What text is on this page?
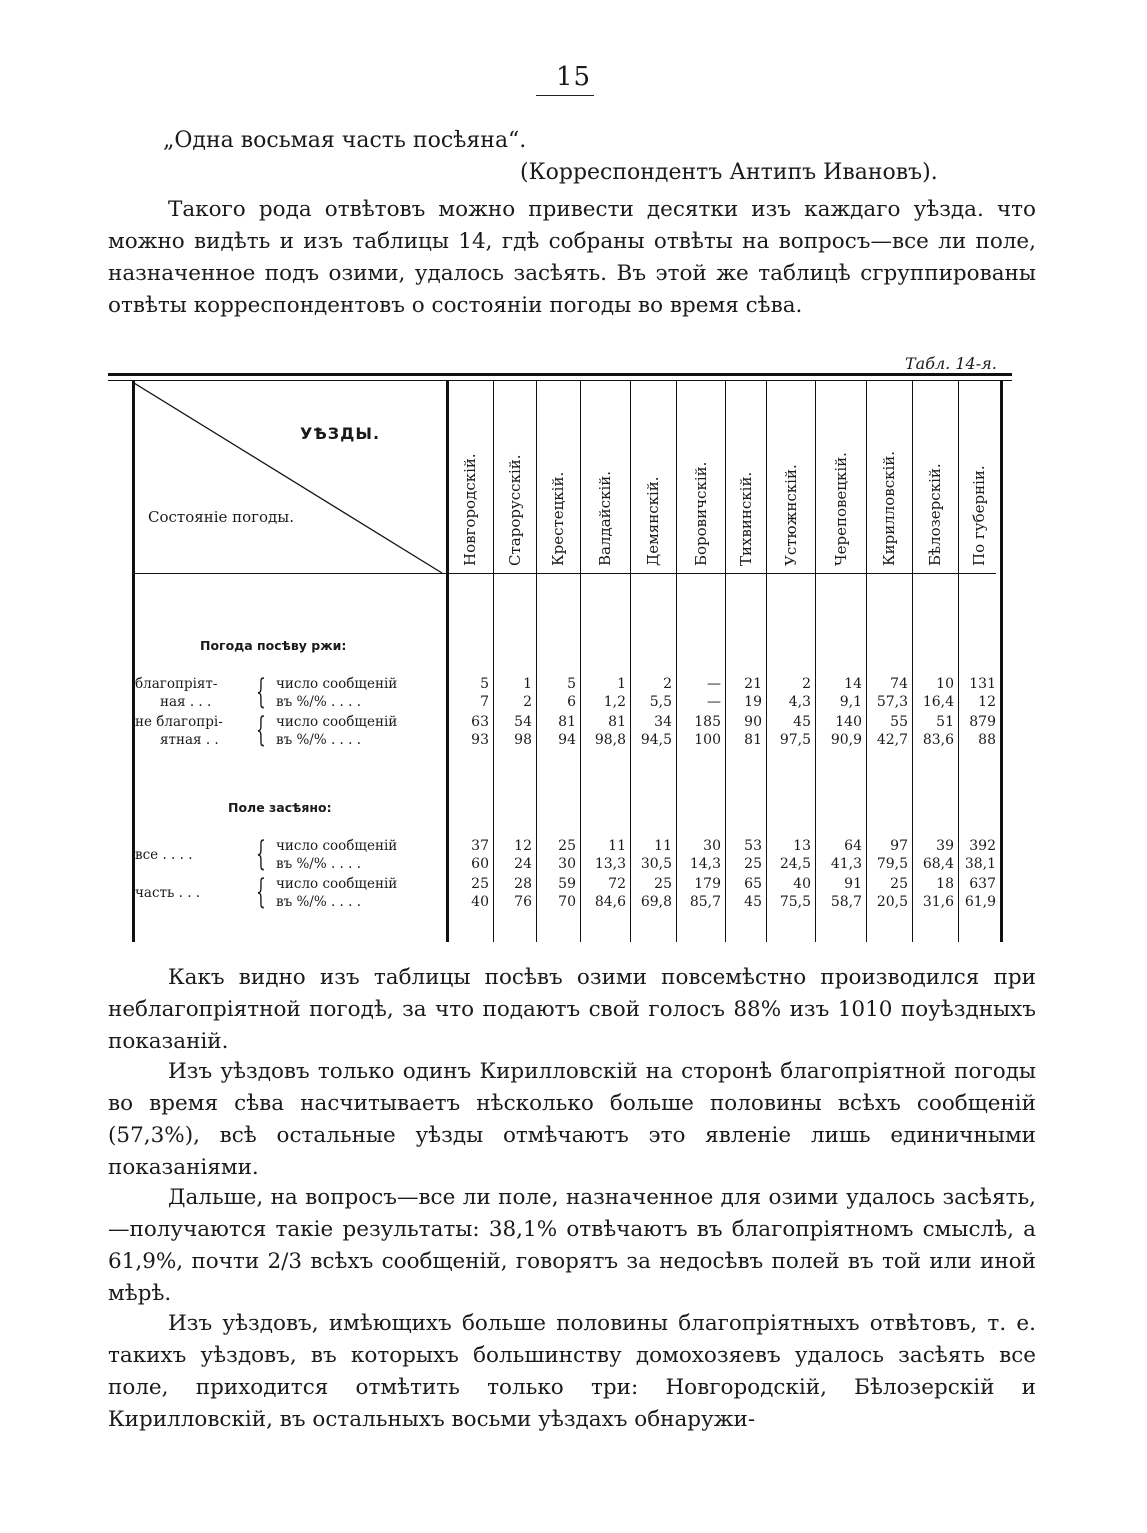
15
„Одна восьмая часть посѣяна“.
(Корреспондентъ Антипъ Ивановъ).
Такого рода отвѣтовъ можно привести десятки изъ каждаго уѣзда. что можно видѣть и изъ таблицы 14, гдѣ собраны отвѣты на вопросъ—все ли поле, назначенное подъ озими, удалось засѣять. Въ этой же таблицѣ сгруппированы отвѣты корреспондентовъ о состояніи погоды во время сѣва.
Табл. 14-я.
УѢЗДЫ.
Состояніе погоды.
Погода посѣву ржи:
Поле засѣяно:
Новгородскій. Старорусскій. Крестецкій. Валдайскій. Демянскій. Боровичскій. Тихвинскій. Устюжнскій. Череповецкій. Кирилловскій. Бѣлозерскій. По губерніи.
благопріят-
ная . . . { число сообщеній
въ %/% . . . .
5	1	5	1	2	—	21	2	14	74	10	131
7	2	6	1,2	5,5	—	19	4,3	9,1	57,3	16,4	12
не благопрі-
ятная . . { число сообщеній
въ %/% . . . .
63	54	81	81	34	185	90	45	140	55	51	879
93	98	94	98,8	94,5	100	81	97,5	90,9	42,7	83,6	88
все . . . . { число сообщеній
въ %/% . . . .
37	12	25	11	11	30	53	13	64	97	39	392
60	24	30	13,3	30,5	14,3	25	24,5	41,3	79,5	68,4 38,1
часть . . . { число сообщеній
въ %/% . . . .
25	28	59	72	25	179	65	40	91	25	18	637
40	76	70	84,6	69,8	85,7	45	75,5	58,7	20,5	31,6 61,9
Какъ видно изъ таблицы посѣвъ озими повсемѣстно производился при неблагопріятной погодѣ, за что подаютъ свой голосъ 88% изъ 1010 поуѣздныхъ показаній.
Изъ уѣздовъ только одинъ Кирилловскій на сторонѣ благопріятной погоды во время сѣва насчитываетъ нѣсколько больше половины всѣхъ сообщеній (57,3%), всѣ остальные уѣзды отмѣчаютъ это явленіе лишь единичными показаніями.
Дальше, на вопросъ—все ли поле, назначенное для озими удалось засѣять,—получаются такіе результаты: 38,1% отвѣчаютъ въ благопріятномъ смыслѣ, а 61,9%, почти 2/3 всѣхъ сообщеній, говорятъ за недосѣвъ полей въ той или иной мѣрѣ.
Изъ уѣздовъ, имѣющихъ больше половины благопріятныхъ отвѣтовъ, т. е. такихъ уѣздовъ, въ которыхъ большинству домохозяевъ удалось засѣять все поле, приходится отмѣтить только три: Новгородскій, Бѣлозерскій и Кирилловскій, въ остальныхъ восьми уѣздахъ обнаружи-
